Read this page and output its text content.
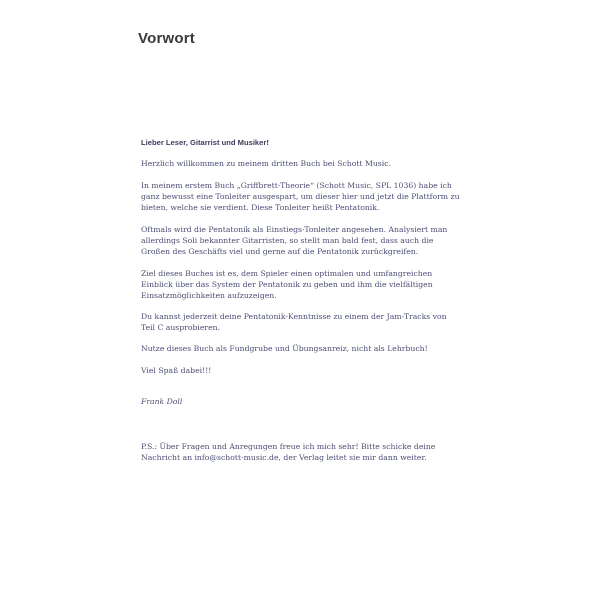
Vorwort
Lieber Leser, Gitarrist und Musiker!

Herzlich willkommen zu meinem dritten Buch bei Schott Music.

In meinem erstem Buch „Griffbrett-Theorie“ (Schott Music, SPL 1036) habe ich ganz bewusst eine Tonleiter ausgespart, um dieser hier und jetzt die Plattform zu bieten, welche sie verdient. Diese Tonleiter heißt Pentatonik.

Oftmals wird die Pentatonik als Einstiegs-Tonleiter angesehen. Analysiert man allerdings Soli bekannter Gitarristen, so stellt man bald fest, dass auch die Großen des Geschäfts viel und gerne auf die Pentatonik zurückgreifen.

Ziel dieses Buches ist es, dem Spieler einen optimalen und umfangreichen Einblick über das System der Pentatonik zu geben und ihm die vielfältigen Einsatzmöglichkeiten aufzuzeigen.

Du kannst jederzeit deine Pentatonik-Kenntnisse zu einem der Jam-Tracks von Teil C ausprobieren.

Nutze dieses Buch als Fundgrube und Übungsanreiz, nicht als Lehrbuch!

Viel Spaß dabei!!!

Frank Doll

P.S.: Über Fragen und Anregungen freue ich mich sehr! Bitte schicke deine Nachricht an info@schott-music.de, der Verlag leitet sie mir dann weiter.
